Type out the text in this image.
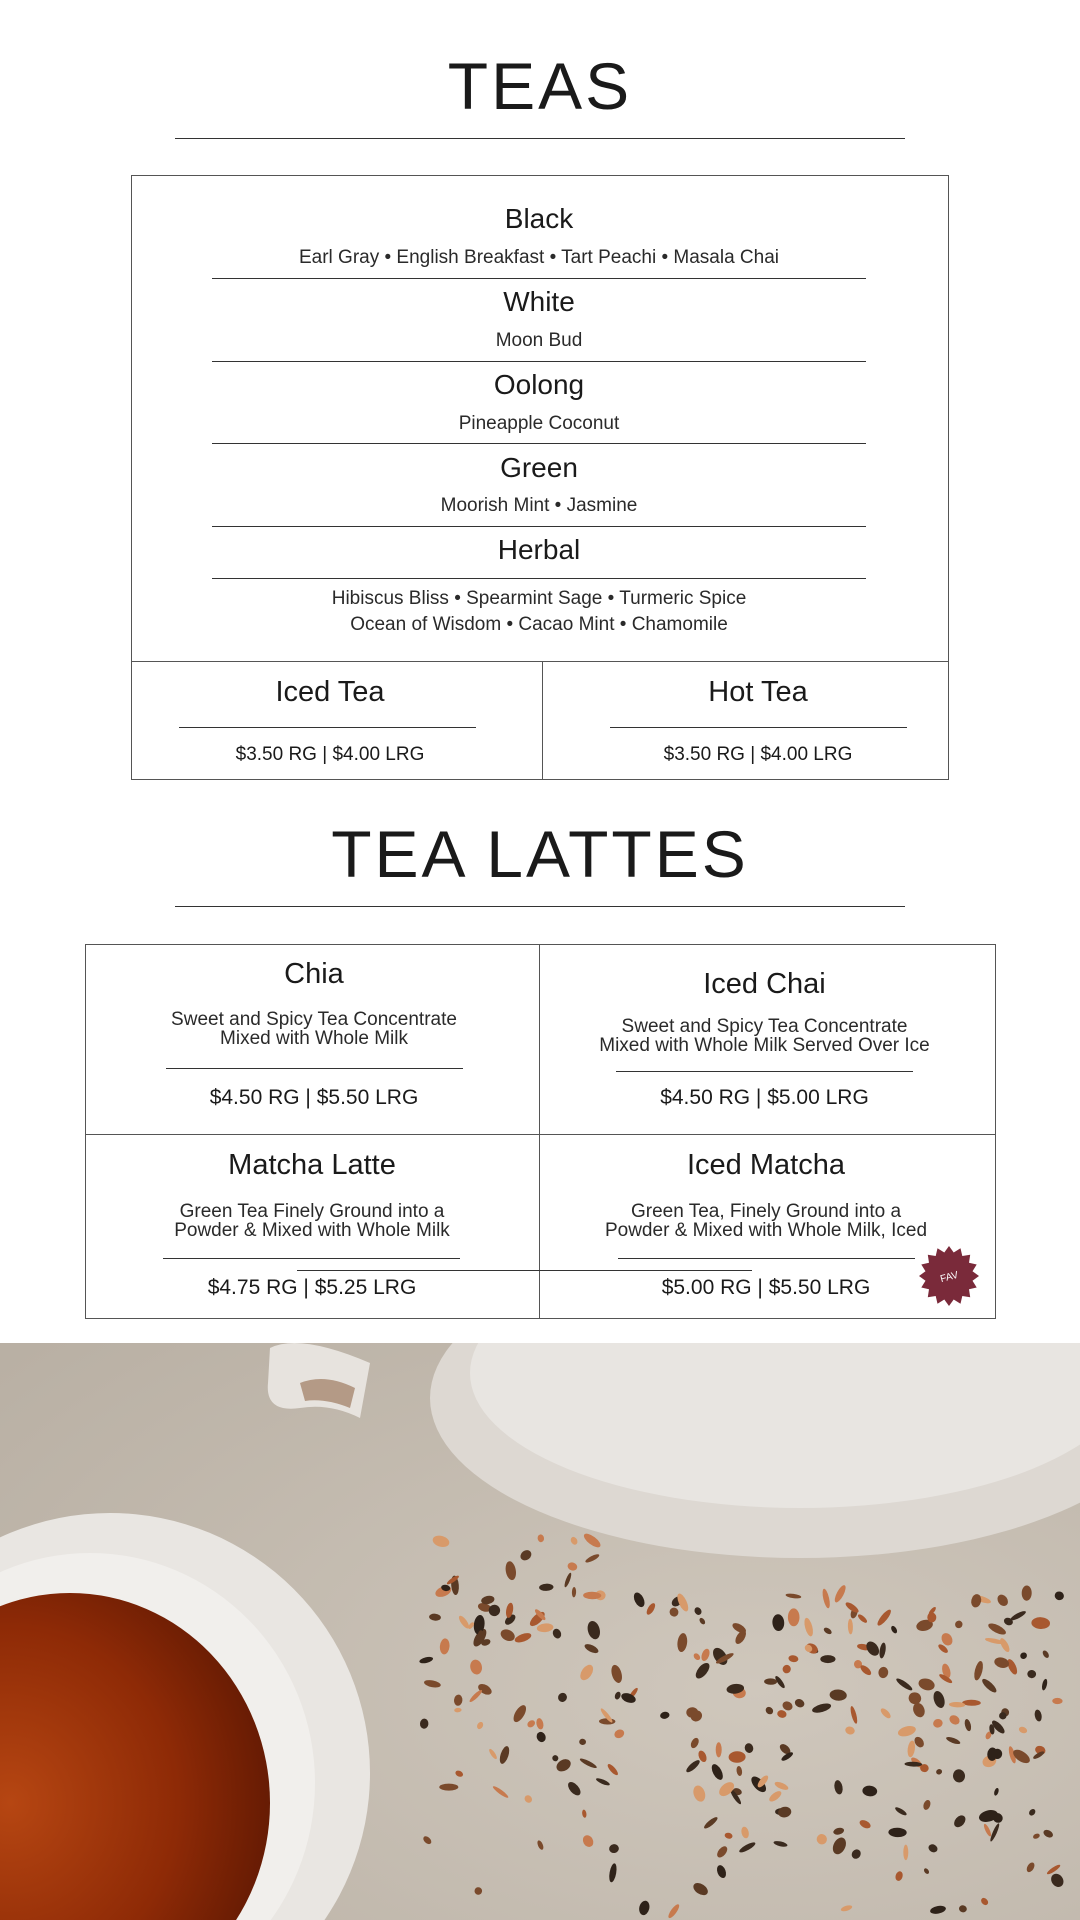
TEAS
Black
Earl Gray • English Breakfast • Tart Peachi • Masala Chai
White
Moon Bud
Oolong
Pineapple Coconut
Green
Moorish Mint • Jasmine
Herbal
Hibiscus Bliss • Spearmint Sage • Turmeric Spice
Ocean of Wisdom • Cacao Mint • Chamomile
Iced Tea
$3.50 RG | $4.00 LRG
Hot Tea
$3.50 RG | $4.00 LRG
TEA LATTES
Chia
Sweet and Spicy Tea Concentrate
Mixed with Whole Milk
$4.50 RG | $5.50 LRG
Iced Chai
Sweet and Spicy Tea Concentrate
Mixed with Whole Milk Served Over Ice
$4.50 RG | $5.00 LRG
Matcha Latte
Green Tea Finely Ground into a
Powder & Mixed with Whole Milk
$4.75 RG | $5.25 LRG
Iced Matcha
Green Tea, Finely Ground into a
Powder & Mixed with Whole Milk, Iced
$5.00 RG | $5.50 LRG	FAV
